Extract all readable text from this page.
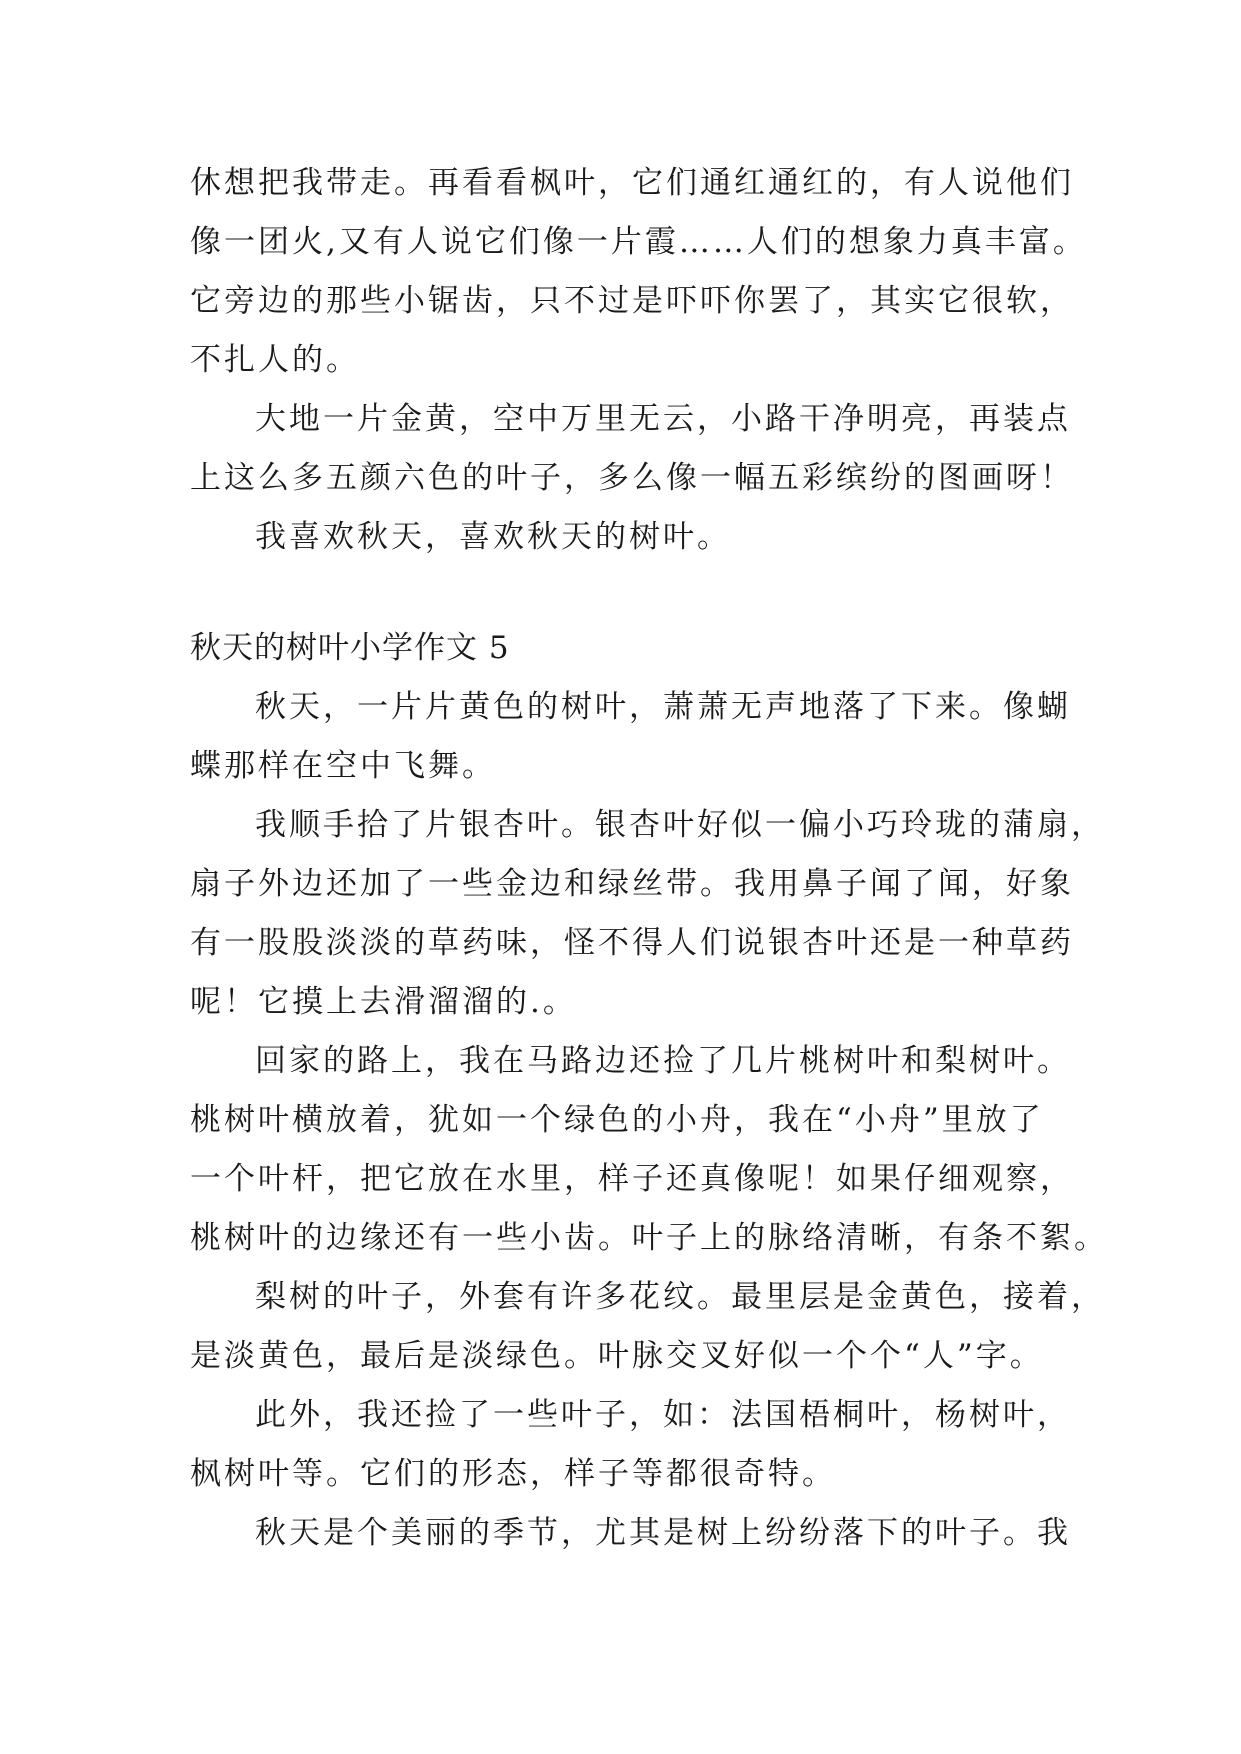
休想把我带走。再看看枫叶，它们通红通红的，有人说他们
像一团火,又有人说它们像一片霞……人们的想象力真丰富。
它旁边的那些小锯齿，只不过是吓吓你罢了，其实它很软，
不扎人的。
大地一片金黄，空中万里无云，小路干净明亮，再装点
上这么多五颜六色的叶子，多么像一幅五彩缤纷的图画呀！
我喜欢秋天，喜欢秋天的树叶。
秋天的树叶小学作文 5
秋天，一片片黄色的树叶，萧萧无声地落了下来。像蝴
蝶那样在空中飞舞。
我顺手拾了片银杏叶。银杏叶好似一偏小巧玲珑的蒲扇，
扇子外边还加了一些金边和绿丝带。我用鼻子闻了闻，好象
有一股股淡淡的草药味，怪不得人们说银杏叶还是一种草药
呢！它摸上去滑溜溜的.。
回家的路上，我在马路边还捡了几片桃树叶和梨树叶。
桃树叶横放着，犹如一个绿色的小舟，我在“小舟”里放了
一个叶杆，把它放在水里，样子还真像呢！如果仔细观察，
桃树叶的边缘还有一些小齿。叶子上的脉络清晰，有条不絮。
梨树的叶子，外套有许多花纹。最里层是金黄色，接着，
是淡黄色，最后是淡绿色。叶脉交叉好似一个个“人”字。
此外，我还捡了一些叶子，如：法国梧桐叶，杨树叶，
枫树叶等。它们的形态，样子等都很奇特。
秋天是个美丽的季节，尤其是树上纷纷落下的叶子。我
